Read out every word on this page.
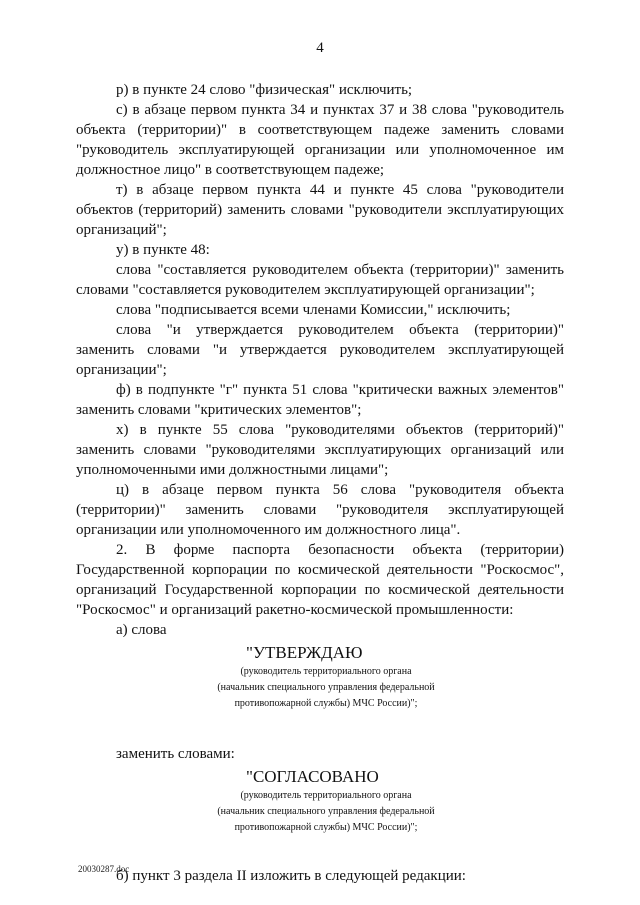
4

р) в пункте 24 слово "физическая" исключить;

с) в абзаце первом пункта 34 и пунктах 37 и 38 слова "руководитель объекта (территории)" в соответствующем падеже заменить словами "руководитель эксплуатирующей организации или уполномоченное им должностное лицо" в соответствующем падеже;

т) в абзаце первом пункта 44 и пункте 45 слова "руководители объектов (территорий) заменить словами "руководители эксплуатирующих организаций";

у) в пункте 48:

слова "составляется руководителем объекта (территории)" заменить словами "составляется руководителем эксплуатирующей организации";

слова "подписывается всеми членами Комиссии," исключить;

слова "и утверждается руководителем объекта (территории)" заменить словами "и утверждается руководителем эксплуатирующей организации";

ф) в подпункте "г" пункта 51 слова "критически важных элементов" заменить словами "критических элементов";

х) в пункте 55 слова "руководителями объектов (территорий)" заменить словами "руководителями эксплуатирующих организаций или уполномоченными ими должностными лицами";

ц) в абзаце первом пункта 56 слова "руководителя объекта (территории)" заменить словами "руководителя эксплуатирующей организации или уполномоченного им должностного лица".

2. В форме паспорта безопасности объекта (территории) Государственной корпорации по космической деятельности "Роскосмос", организаций Государственной корпорации по космической деятельности "Роскосмос" и организаций ракетно-космической промышленности:

а) слова

"УТВЕРЖДАЮ
(руководитель территориального органа
(начальник специального управления федеральной
противопожарной службы) МЧС России)";

заменить словами:

"СОГЛАСОВАНО
(руководитель территориального органа
(начальник специального управления федеральной
противопожарной службы) МЧС России)";

б) пункт 3 раздела II изложить в следующей редакции:

20030287.doc
